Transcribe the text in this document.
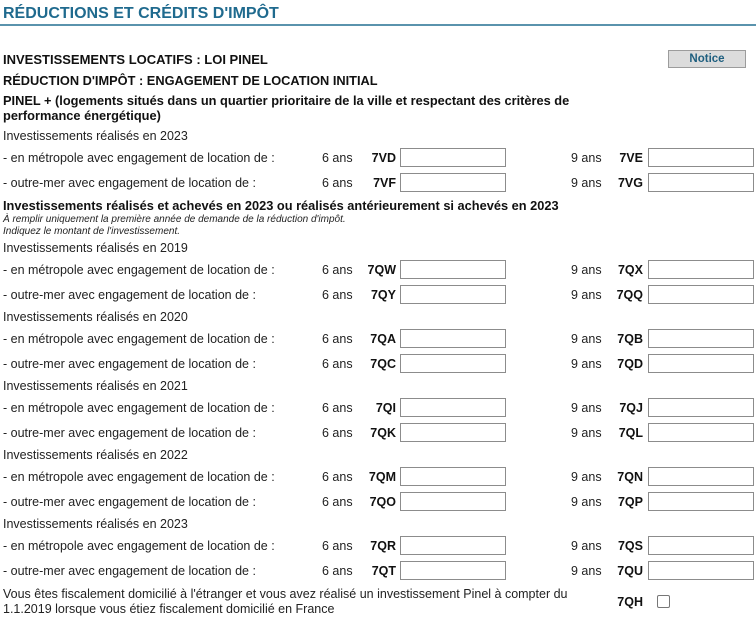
RÉDUCTIONS ET CRÉDITS D'IMPÔT
INVESTISSEMENTS LOCATIFS : LOI PINEL	Notice
RÉDUCTION D'IMPÔT : ENGAGEMENT DE LOCATION INITIAL
PINEL + (logements situés dans un quartier prioritaire de la ville et respectant des critères de
performance énergétique)
Investissements réalisés en 2023
- en métropole avec engagement de location de :	6 ans	7VD	9 ans	7VE
- outre-mer avec engagement de location de :	6 ans	7VF	9 ans	7VG
Investissements réalisés et achevés en 2023 ou réalisés antérieurement si achevés en 2023
À remplir uniquement la première année de demande de la réduction d'impôt.
Indiquez le montant de l'investissement.
Investissements réalisés en 2019
- en métropole avec engagement de location de :	6 ans	7QW	9 ans	7QX
- outre-mer avec engagement de location de :	6 ans	7QY	9 ans	7QQ
Investissements réalisés en 2020
- en métropole avec engagement de location de :	6 ans	7QA	9 ans	7QB
- outre-mer avec engagement de location de :	6 ans	7QC	9 ans	7QD
Investissements réalisés en 2021
- en métropole avec engagement de location de :	6 ans	7QI	9 ans	7QJ
- outre-mer avec engagement de location de :	6 ans	7QK	9 ans	7QL
Investissements réalisés en 2022
- en métropole avec engagement de location de :	6 ans	7QM	9 ans	7QN
- outre-mer avec engagement de location de :	6 ans	7QO	9 ans	7QP
Investissements réalisés en 2023
- en métropole avec engagement de location de :	6 ans	7QR	9 ans	7QS
- outre-mer avec engagement de location de :	6 ans	7QT	9 ans	7QU
Vous êtes fiscalement domicilié à l'étranger et vous avez réalisé un investissement Pinel à compter du
1.1.2019 lorsque vous étiez fiscalement domicilié en France	7QH
